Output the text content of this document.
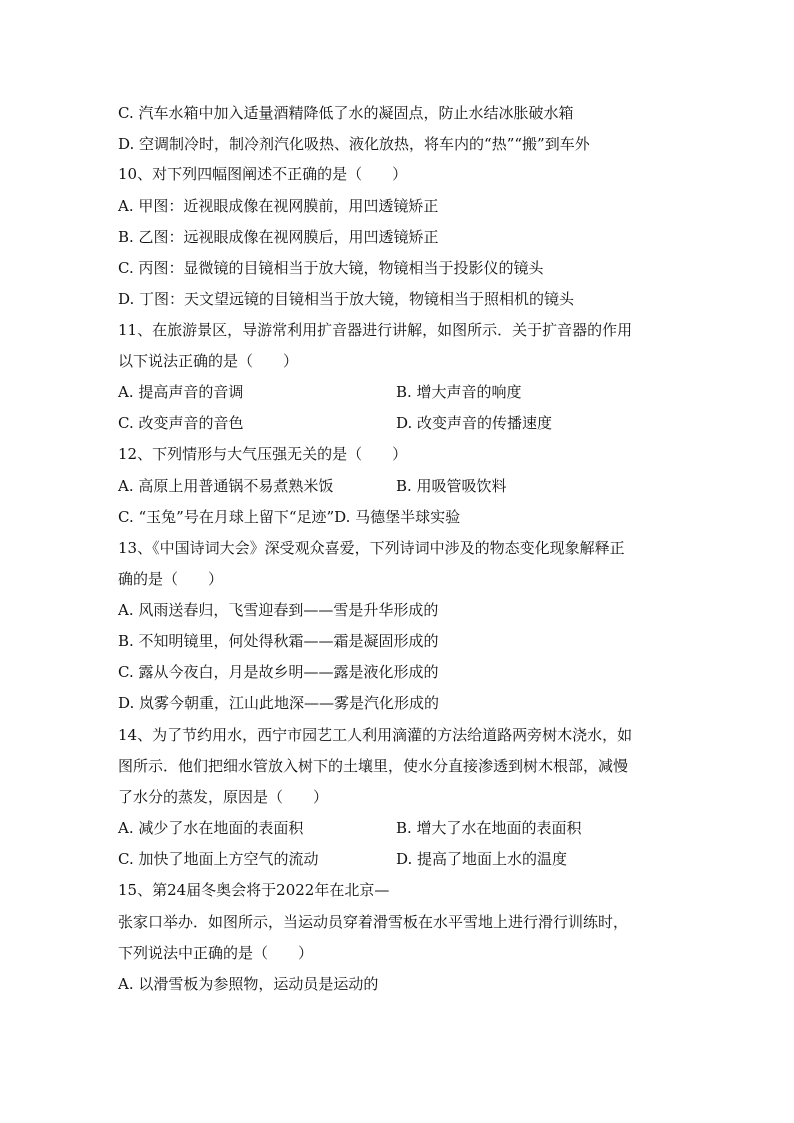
C. 汽车水箱中加入适量酒精降低了水的凝固点，防止水结冰胀破水箱
D. 空调制冷时，制冷剂汽化吸热、液化放热，将车内的“热”“搬”到车外
10、对下列四幅图阐述不正确的是（　　）
A. 甲图：近视眼成像在视网膜前，用凹透镜矫正
B. 乙图：远视眼成像在视网膜后，用凹透镜矫正
C. 丙图：显微镜的目镜相当于放大镜，物镜相当于投影仪的镜头
D. 丁图：天文望远镜的目镜相当于放大镜，物镜相当于照相机的镜头
11、在旅游景区，导游常利用扩音器进行讲解，如图所示．关于扩音器的作用
以下说法正确的是（　　）
A. 提高声音的音调	B. 增大声音的响度
C. 改变声音的音色	D. 改变声音的传播速度
12、下列情形与大气压强无关的是（　　）
A. 高原上用普通锅不易煮熟米饭	B. 用吸管吸饮料
C. “玉兔”号在月球上留下“足迹”D. 马德堡半球实验
13、《中国诗词大会》深受观众喜爱，下列诗词中涉及的物态变化现象解释正
确的是（　　）
A. 风雨送春归，飞雪迎春到——雪是升华形成的
B. 不知明镜里，何处得秋霜——霜是凝固形成的
C. 露从今夜白，月是故乡明——露是液化形成的
D. 岚雾今朝重，江山此地深——雾是汽化形成的
14、为了节约用水，西宁市园艺工人利用滴灌的方法给道路两旁树木浇水，如
图所示．他们把细水管放入树下的土壤里，使水分直接渗透到树木根部，减慢
了水分的蒸发，原因是（　　）
A. 减少了水在地面的表面积	B. 增大了水在地面的表面积
C. 加快了地面上方空气的流动	D. 提高了地面上水的温度
15、第24届冬奥会将于2022年在北京—
张家口举办．如图所示，当运动员穿着滑雪板在水平雪地上进行滑行训练时，
下列说法中正确的是（　　）
A. 以滑雪板为参照物，运动员是运动的
